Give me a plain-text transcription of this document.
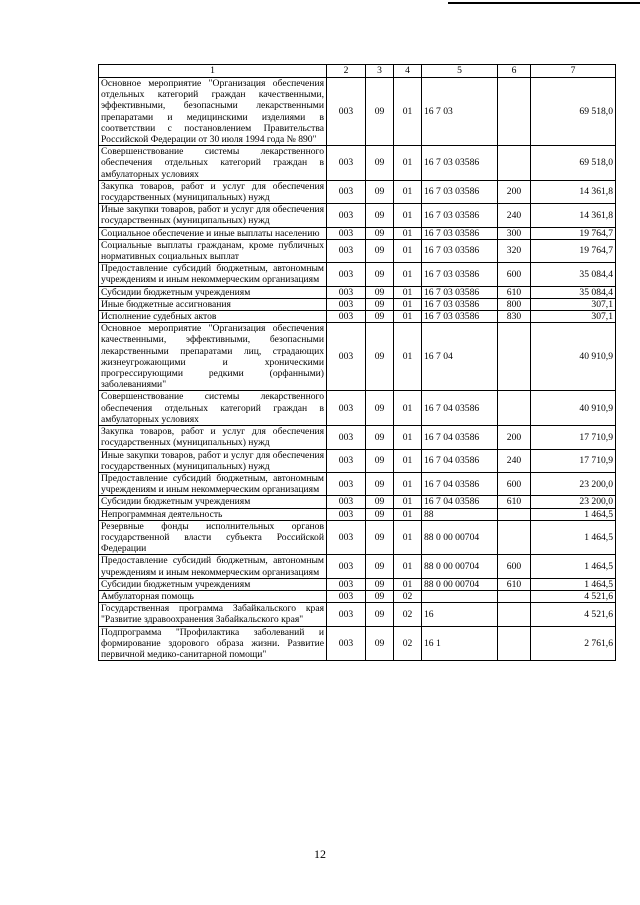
1	2	3	4	5	6	7
Основное мероприятие "Организация обеспечения отдельных категорий граждан качественными, эффективными, безопасными лекарственными препаратами и медицинскими изделиями в соответствии с постановлением Правительства Российской Федерации от 30 июля 1994 года № 890"	003	09	01	16 7 03		69 518,0
Совершенствование системы лекарственного обеспечения отдельных категорий граждан в амбулаторных условиях	003	09	01	16 7 03 03586		69 518,0
Закупка товаров, работ и услуг для обеспечения государственных (муниципальных) нужд	003	09	01	16 7 03 03586	200	14 361,8
Иные закупки товаров, работ и услуг для обеспечения государственных (муниципальных) нужд	003	09	01	16 7 03 03586	240	14 361,8
Социальное обеспечение и иные выплаты населению	003	09	01	16 7 03 03586	300	19 764,7
Социальные выплаты гражданам, кроме публичных нормативных социальных выплат	003	09	01	16 7 03 03586	320	19 764,7
Предоставление субсидий бюджетным, автономным учреждениям и иным некоммерческим организациям	003	09	01	16 7 03 03586	600	35 084,4
Субсидии бюджетным учреждениям	003	09	01	16 7 03 03586	610	35 084,4
Иные бюджетные ассигнования	003	09	01	16 7 03 03586	800	307,1
Исполнение судебных актов	003	09	01	16 7 03 03586	830	307,1
Основное мероприятие "Организация обеспечения качественными, эффективными, безопасными лекарственными препаратами лиц, страдающих жизнеугрожающими и хроническими прогрессирующими редкими (орфанными) заболеваниями"	003	09	01	16 7 04		40 910,9
Совершенствование системы лекарственного обеспечения отдельных категорий граждан в амбулаторных условиях	003	09	01	16 7 04 03586		40 910,9
Закупка товаров, работ и услуг для обеспечения государственных (муниципальных) нужд	003	09	01	16 7 04 03586	200	17 710,9
Иные закупки товаров, работ и услуг для обеспечения государственных (муниципальных) нужд	003	09	01	16 7 04 03586	240	17 710,9
Предоставление субсидий бюджетным, автономным учреждениям и иным некоммерческим организациям	003	09	01	16 7 04 03586	600	23 200,0
Субсидии бюджетным учреждениям	003	09	01	16 7 04 03586	610	23 200,0
Непрограммная деятельность	003	09	01	88		1 464,5
Резервные фонды исполнительных органов государственной власти субъекта Российской Федерации	003	09	01	88 0 00 00704		1 464,5
Предоставление субсидий бюджетным, автономным учреждениям и иным некоммерческим организациям	003	09	01	88 0 00 00704	600	1 464,5
Субсидии бюджетным учреждениям	003	09	01	88 0 00 00704	610	1 464,5
Амбулаторная помощь	003	09	02			4 521,6
Государственная программа Забайкальского края "Развитие здравоохранения Забайкальского края"	003	09	02	16		4 521,6
Подпрограмма "Профилактика заболеваний и формирование здорового образа жизни. Развитие первичной медико-санитарной помощи"	003	09	02	16 1		2 761,6
12
